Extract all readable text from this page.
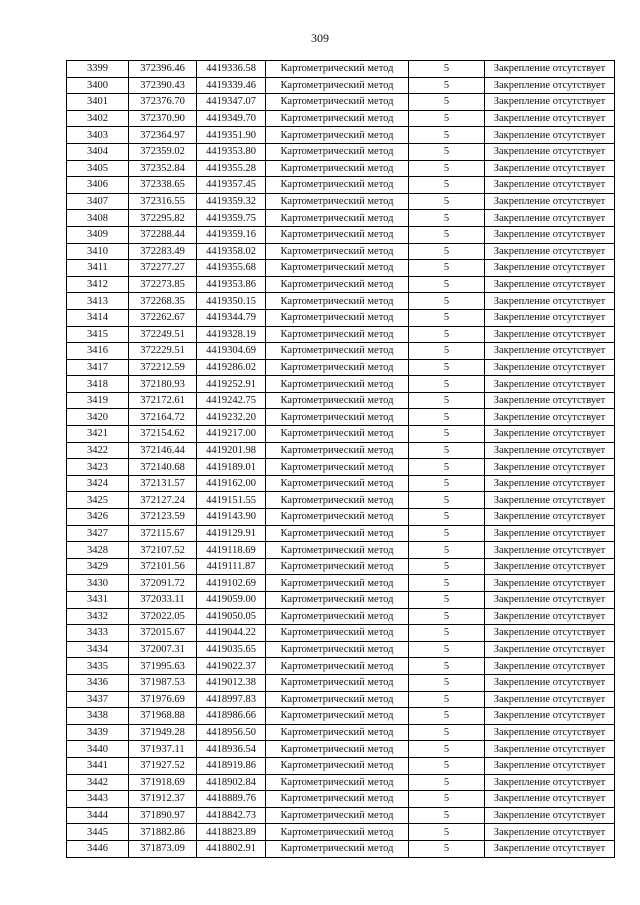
309
3399	372396.46	4419336.58	Картометрический метод	5	Закрепление отсутствует
3400	372390.43	4419339.46	Картометрический метод	5	Закрепление отсутствует
3401	372376.70	4419347.07	Картометрический метод	5	Закрепление отсутствует
3402	372370.90	4419349.70	Картометрический метод	5	Закрепление отсутствует
3403	372364.97	4419351.90	Картометрический метод	5	Закрепление отсутствует
3404	372359.02	4419353.80	Картометрический метод	5	Закрепление отсутствует
3405	372352.84	4419355.28	Картометрический метод	5	Закрепление отсутствует
3406	372338.65	4419357.45	Картометрический метод	5	Закрепление отсутствует
3407	372316.55	4419359.32	Картометрический метод	5	Закрепление отсутствует
3408	372295.82	4419359.75	Картометрический метод	5	Закрепление отсутствует
3409	372288.44	4419359.16	Картометрический метод	5	Закрепление отсутствует
3410	372283.49	4419358.02	Картометрический метод	5	Закрепление отсутствует
3411	372277.27	4419355.68	Картометрический метод	5	Закрепление отсутствует
3412	372273.85	4419353.86	Картометрический метод	5	Закрепление отсутствует
3413	372268.35	4419350.15	Картометрический метод	5	Закрепление отсутствует
3414	372262.67	4419344.79	Картометрический метод	5	Закрепление отсутствует
3415	372249.51	4419328.19	Картометрический метод	5	Закрепление отсутствует
3416	372229.51	4419304.69	Картометрический метод	5	Закрепление отсутствует
3417	372212.59	4419286.02	Картометрический метод	5	Закрепление отсутствует
3418	372180.93	4419252.91	Картометрический метод	5	Закрепление отсутствует
3419	372172.61	4419242.75	Картометрический метод	5	Закрепление отсутствует
3420	372164.72	4419232.20	Картометрический метод	5	Закрепление отсутствует
3421	372154.62	4419217.00	Картометрический метод	5	Закрепление отсутствует
3422	372146.44	4419201.98	Картометрический метод	5	Закрепление отсутствует
3423	372140.68	4419189.01	Картометрический метод	5	Закрепление отсутствует
3424	372131.57	4419162.00	Картометрический метод	5	Закрепление отсутствует
3425	372127.24	4419151.55	Картометрический метод	5	Закрепление отсутствует
3426	372123.59	4419143.90	Картометрический метод	5	Закрепление отсутствует
3427	372115.67	4419129.91	Картометрический метод	5	Закрепление отсутствует
3428	372107.52	4419118.69	Картометрический метод	5	Закрепление отсутствует
3429	372101.56	4419111.87	Картометрический метод	5	Закрепление отсутствует
3430	372091.72	4419102.69	Картометрический метод	5	Закрепление отсутствует
3431	372033.11	4419059.00	Картометрический метод	5	Закрепление отсутствует
3432	372022.05	4419050.05	Картометрический метод	5	Закрепление отсутствует
3433	372015.67	4419044.22	Картометрический метод	5	Закрепление отсутствует
3434	372007.31	4419035.65	Картометрический метод	5	Закрепление отсутствует
3435	371995.63	4419022.37	Картометрический метод	5	Закрепление отсутствует
3436	371987.53	4419012.38	Картометрический метод	5	Закрепление отсутствует
3437	371976.69	4418997.83	Картометрический метод	5	Закрепление отсутствует
3438	371968.88	4418986.66	Картометрический метод	5	Закрепление отсутствует
3439	371949.28	4418956.50	Картометрический метод	5	Закрепление отсутствует
3440	371937.11	4418936.54	Картометрический метод	5	Закрепление отсутствует
3441	371927.52	4418919.86	Картометрический метод	5	Закрепление отсутствует
3442	371918.69	4418902.84	Картометрический метод	5	Закрепление отсутствует
3443	371912.37	4418889.76	Картометрический метод	5	Закрепление отсутствует
3444	371890.97	4418842.73	Картометрический метод	5	Закрепление отсутствует
3445	371882.86	4418823.89	Картометрический метод	5	Закрепление отсутствует
3446	371873.09	4418802.91	Картометрический метод	5	Закрепление отсутствует
